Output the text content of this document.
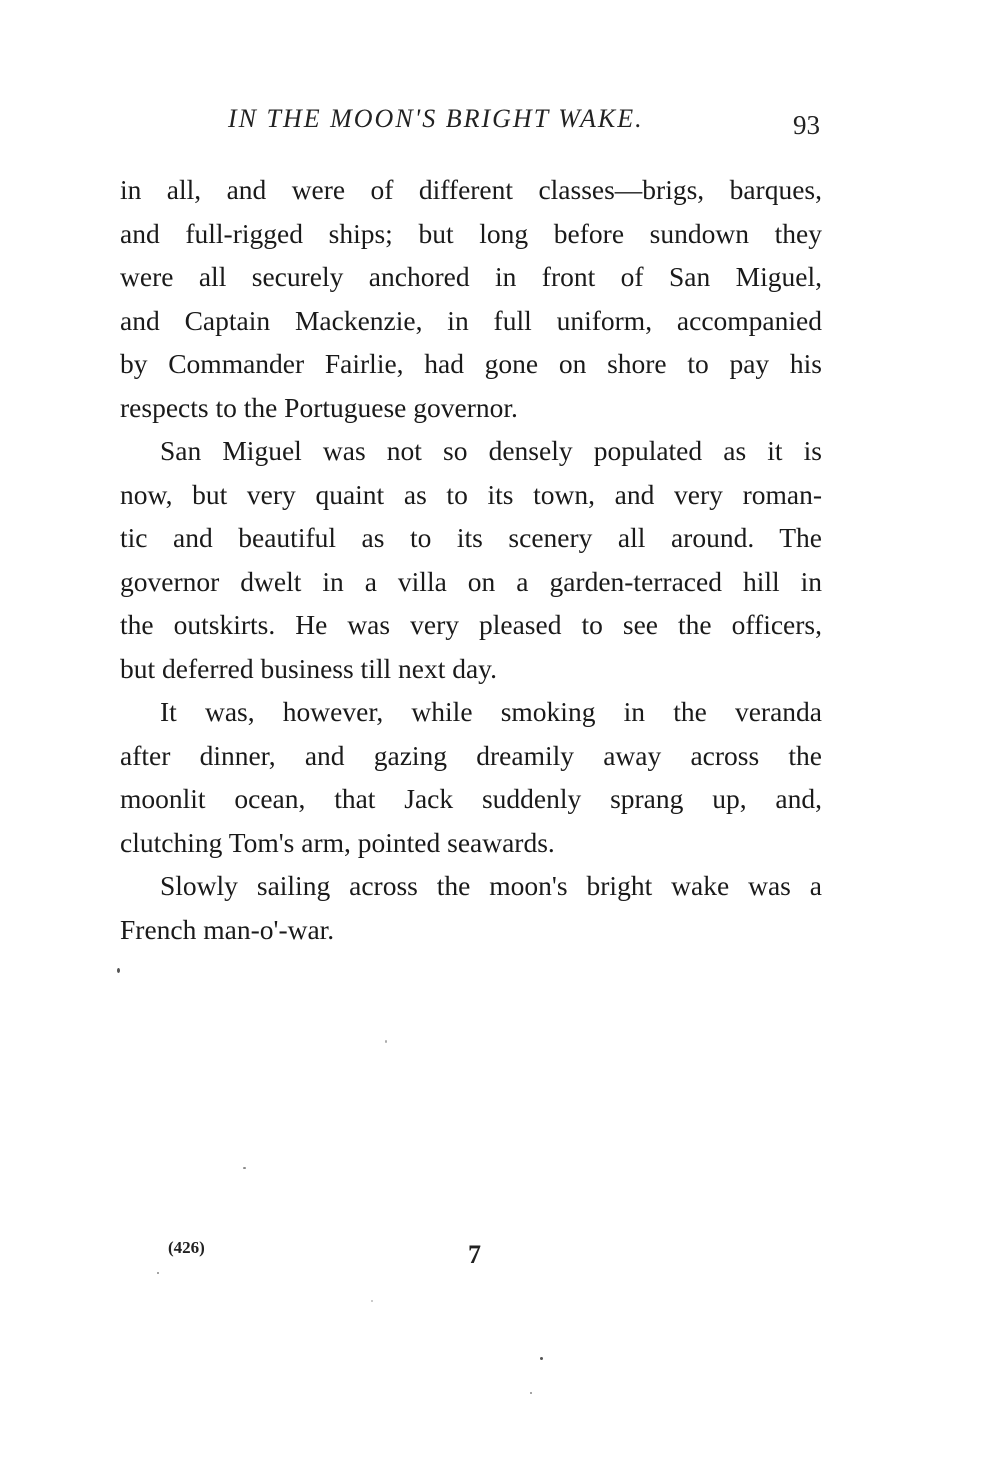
IN THE MOON'S BRIGHT WAKE.	93
in all, and were of different classes—brigs, barques,
and full-rigged ships; but long before sundown they
were all securely anchored in front of San Miguel,
and Captain Mackenzie, in full uniform, accompanied
by Commander Fairlie, had gone on shore to pay his
respects to the Portuguese governor.
San Miguel was not so densely populated as it is
now, but very quaint as to its town, and very roman-
tic and beautiful as to its scenery all around. The
governor dwelt in a villa on a garden-terraced hill in
the outskirts. He was very pleased to see the officers,
but deferred business till next day.
It was, however, while smoking in the veranda
after dinner, and gazing dreamily away across the
moonlit ocean, that Jack suddenly sprang up, and,
clutching Tom's arm, pointed seawards.
Slowly sailing across the moon's bright wake was a
French man-o'-war.
(426)	7
